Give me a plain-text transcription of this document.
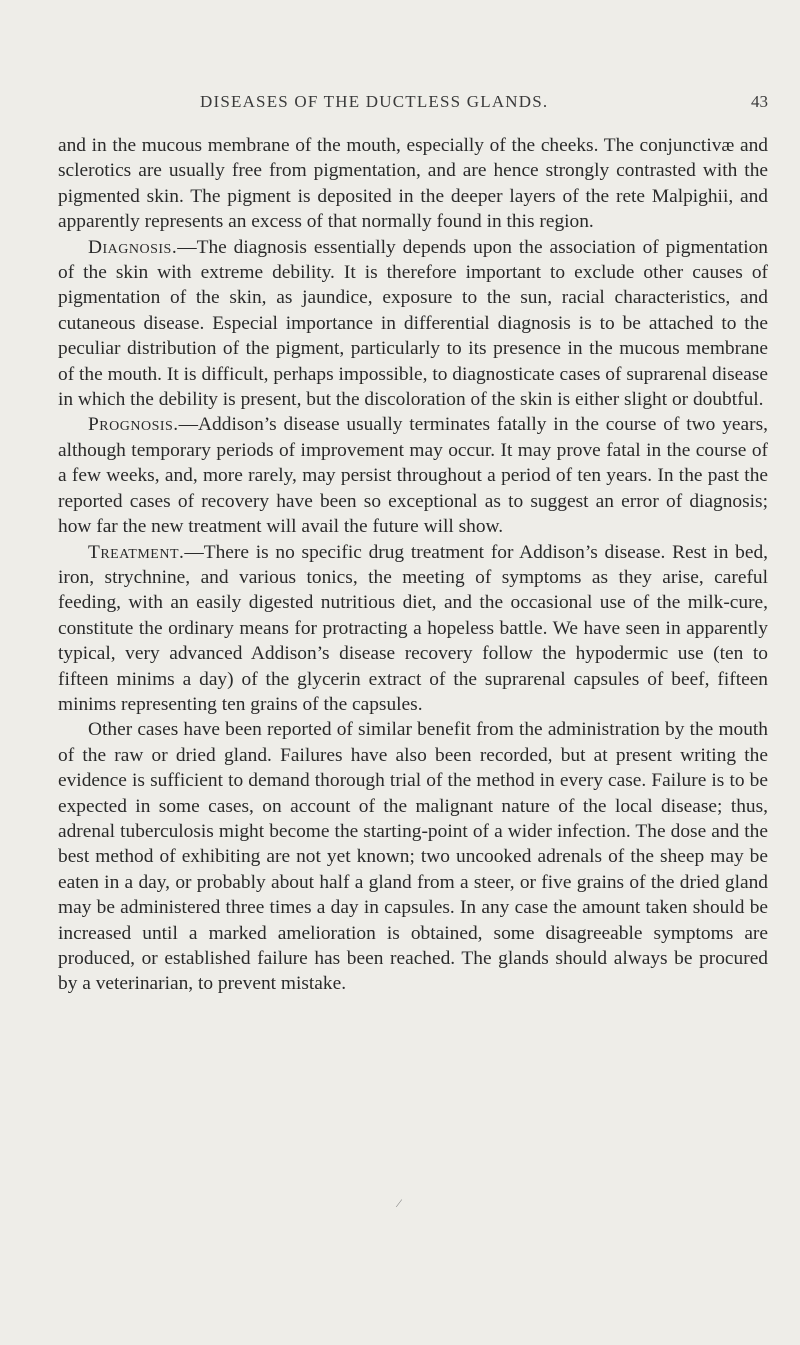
DISEASES OF THE DUCTLESS GLANDS.	43

and in the mucous membrane of the mouth, especially of the cheeks. The conjunctivæ and sclerotics are usually free from pigmentation, and are hence strongly contrasted with the pigmented skin. The pigment is deposited in the deeper layers of the rete Malpighii, and apparently represents an excess of that normally found in this region.

Diagnosis.—The diagnosis essentially depends upon the association of pigmentation of the skin with extreme debility. It is therefore important to exclude other causes of pigmentation of the skin, as jaundice, exposure to the sun, racial characteristics, and cutaneous disease. Especial importance in differential diagnosis is to be attached to the peculiar distribution of the pigment, particularly to its presence in the mucous membrane of the mouth. It is difficult, perhaps impossible, to diagnosticate cases of suprarenal disease in which the debility is present, but the discoloration of the skin is either slight or doubtful.

Prognosis.—Addison’s disease usually terminates fatally in the course of two years, although temporary periods of improvement may occur. It may prove fatal in the course of a few weeks, and, more rarely, may persist throughout a period of ten years. In the past the reported cases of recovery have been so exceptional as to suggest an error of diagnosis; how far the new treatment will avail the future will show.

Treatment.—There is no specific drug treatment for Addison’s disease. Rest in bed, iron, strychnine, and various tonics, the meeting of symptoms as they arise, careful feeding, with an easily digested nutritious diet, and the occasional use of the milk-cure, constitute the ordinary means for protracting a hopeless battle. We have seen in apparently typical, very advanced Addison’s disease recovery follow the hypodermic use (ten to fifteen minims a day) of the glycerin extract of the suprarenal capsules of beef, fifteen minims representing ten grains of the capsules.

Other cases have been reported of similar benefit from the administration by the mouth of the raw or dried gland. Failures have also been recorded, but at present writing the evidence is sufficient to demand thorough trial of the method in every case. Failure is to be expected in some cases, on account of the malignant nature of the local disease; thus, adrenal tuberculosis might become the starting-point of a wider infection. The dose and the best method of exhibiting are not yet known; two uncooked adrenals of the sheep may be eaten in a day, or probably about half a gland from a steer, or five grains of the dried gland may be administered three times a day in capsules. In any case the amount taken should be increased until a marked amelioration is obtained, some disagreeable symptoms are produced, or established failure has been reached. The glands should always be procured by a veterinarian, to prevent mistake.

⁄
